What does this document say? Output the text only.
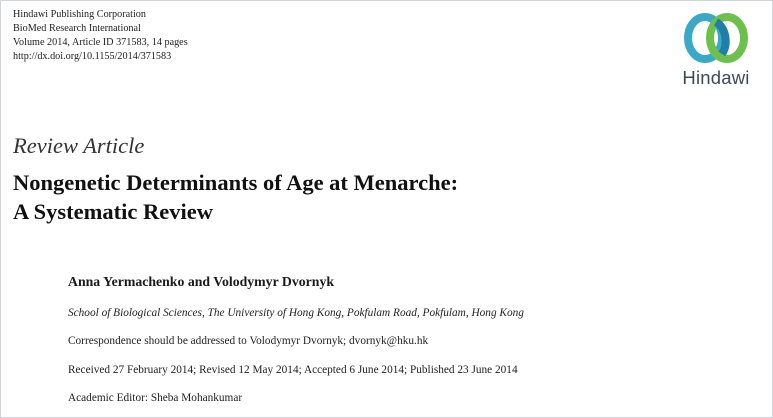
Hindawi Publishing Corporation
BioMed Research International
Volume 2014, Article ID 371583, 14 pages
http://dx.doi.org/10.1155/2014/371583
Hindawi
Review Article
Nongenetic Determinants of Age at Menarche:
A Systematic Review
Anna Yermachenko and Volodymyr Dvornyk
School of Biological Sciences, The University of Hong Kong, Pokfulam Road, Pokfulam, Hong Kong
Correspondence should be addressed to Volodymyr Dvornyk; dvornyk@hku.hk
Received 27 February 2014; Revised 12 May 2014; Accepted 6 June 2014; Published 23 June 2014
Academic Editor: Sheba Mohankumar
